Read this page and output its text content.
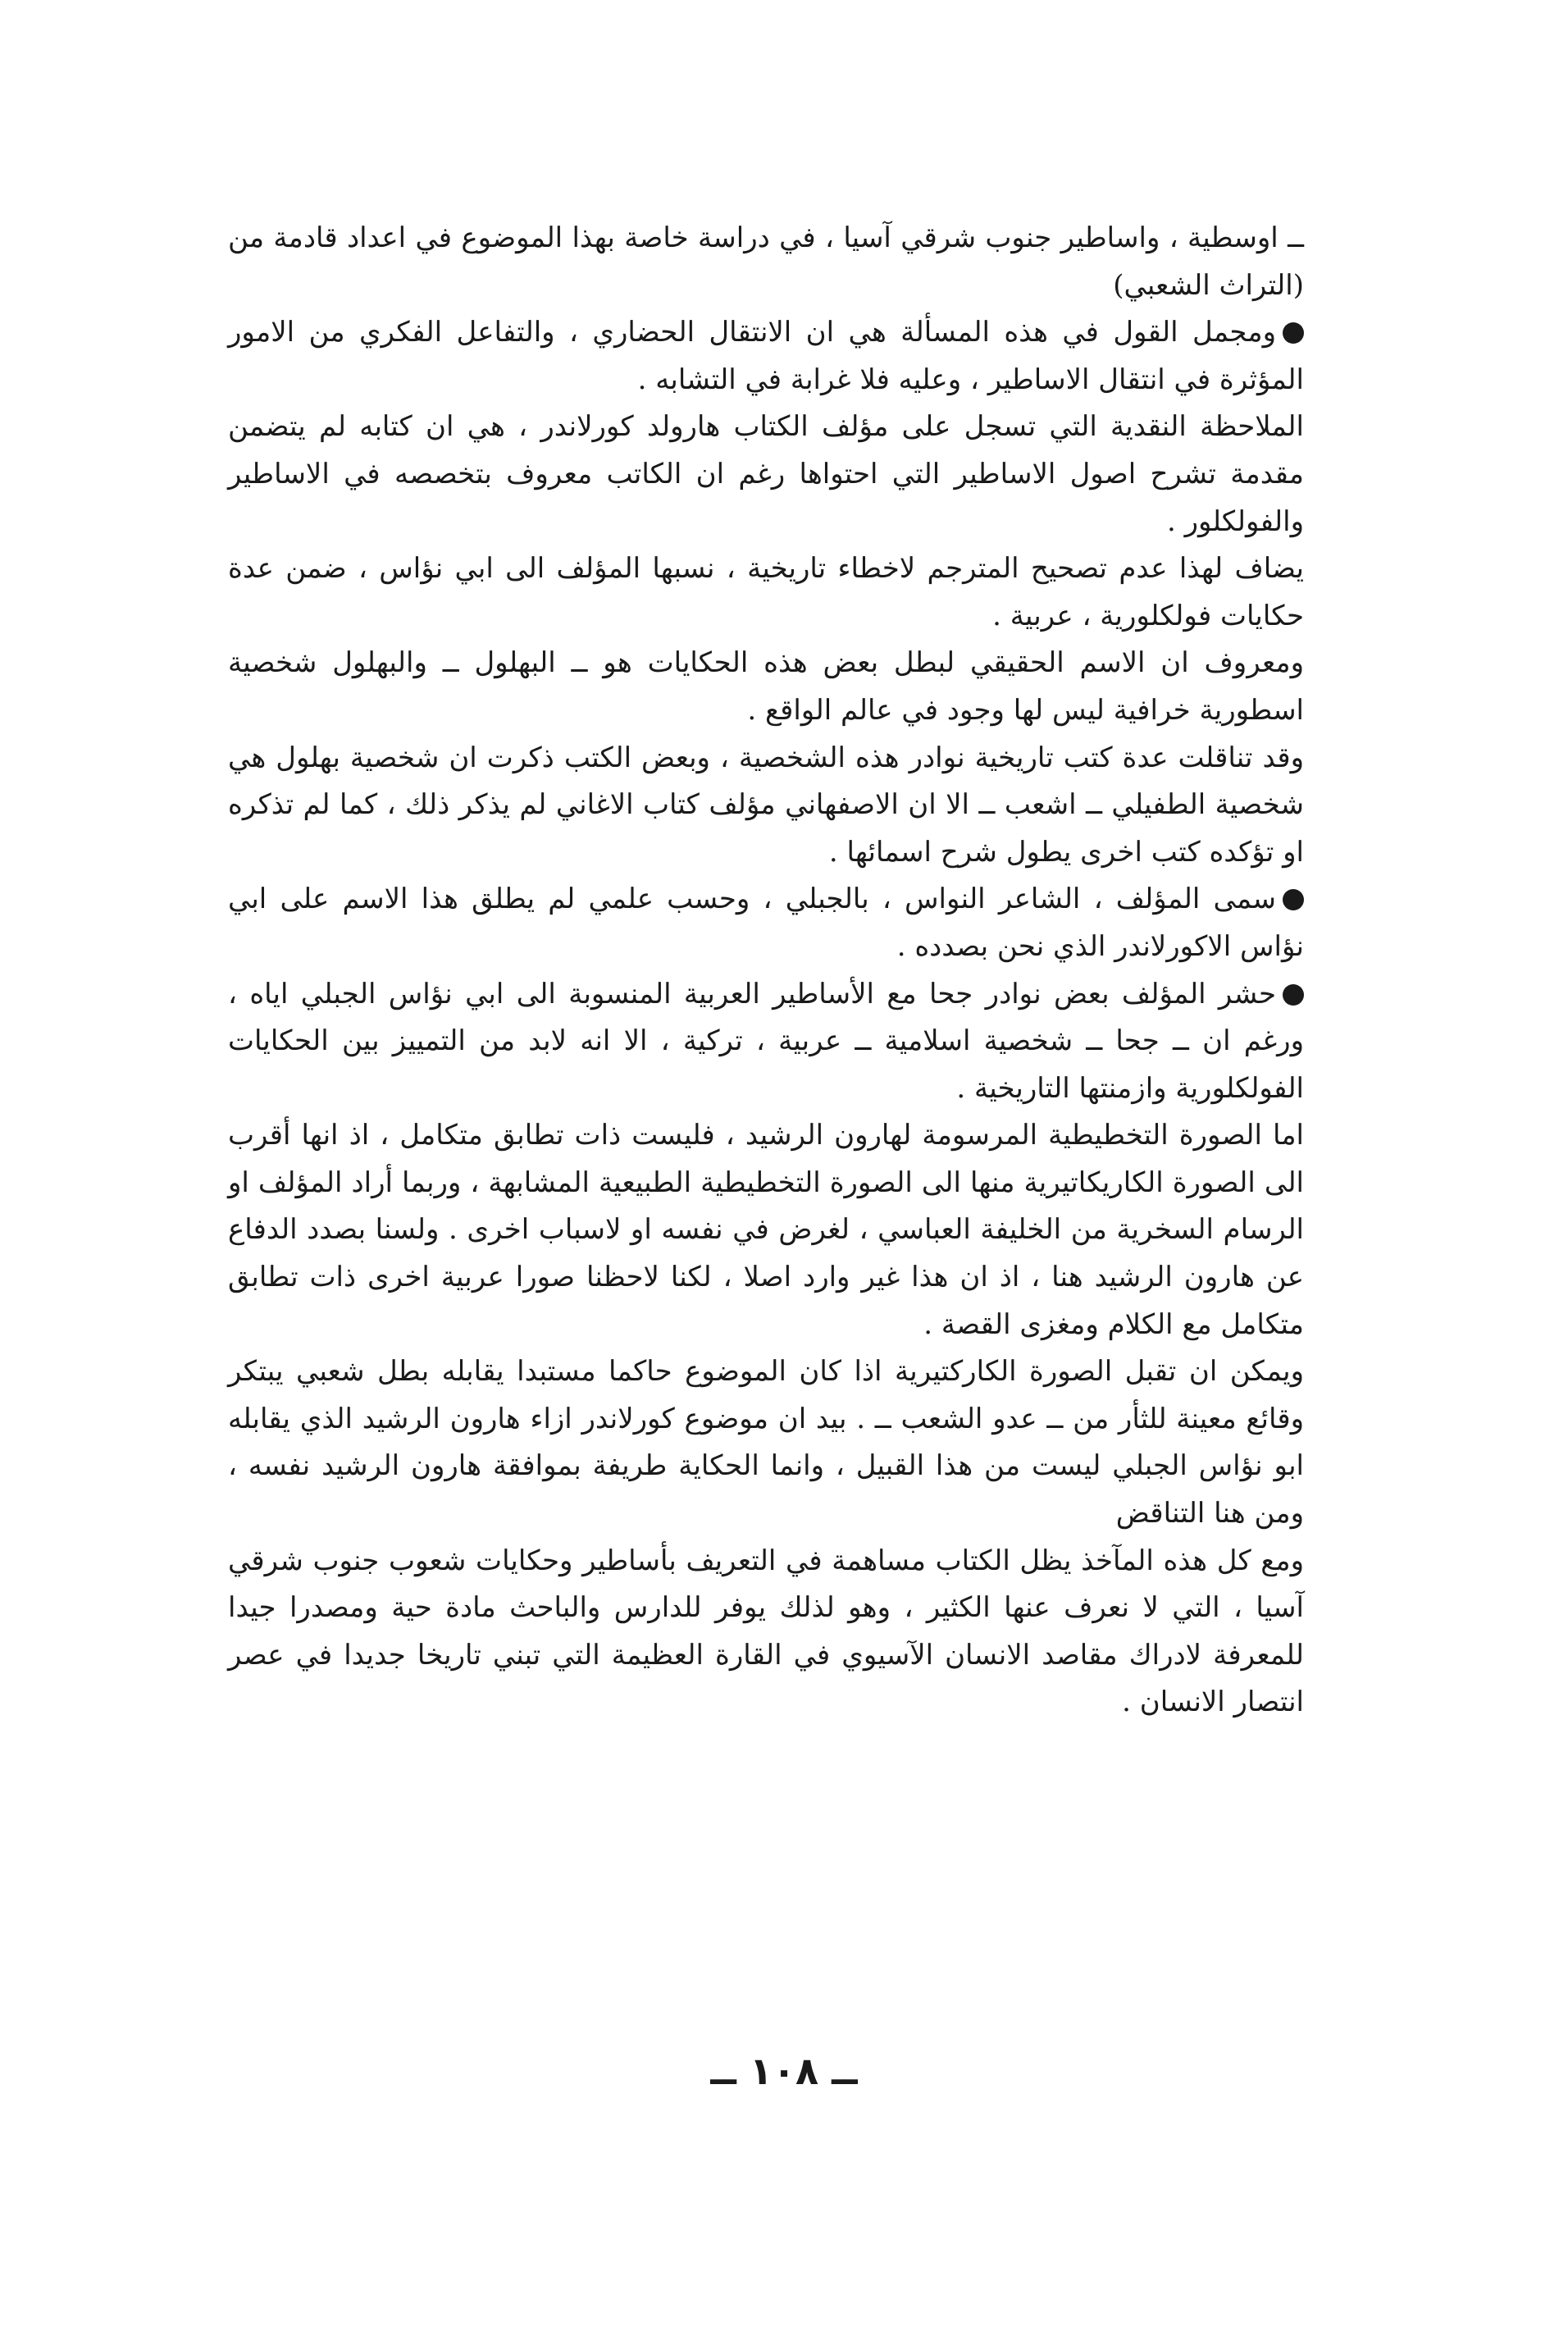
ــ اوسطية ، واساطير جنوب شرقي آسيا ، في دراسة خاصة بهذا الموضوع في اعداد قادمة من (التراث الشعبي)

ومجمل القول في هذه المسألة هي ان الانتقال الحضاري ، والتفاعل الفكري من الامور المؤثرة في انتقال الاساطير ، وعليه فلا غرابة في التشابه .

الملاحظة النقدية التي تسجل على مؤلف الكتاب هارولد كورلاندر ، هي ان كتابه لم يتضمن مقدمة تشرح اصول الاساطير التي احتواها رغم ان الكاتب معروف بتخصصه في الاساطير والفولكلور .

يضاف لهذا عدم تصحيح المترجم لاخطاء تاريخية ، نسبها المؤلف الى ابي نؤاس ، ضمن عدة حكايات فولكلورية ، عربية .

ومعروف ان الاسم الحقيقي لبطل بعض هذه الحكايات هو ــ البهلول ــ والبهلول شخصية اسطورية خرافية ليس لها وجود في عالم الواقع .

وقد تناقلت عدة كتب تاريخية نوادر هذه الشخصية ، وبعض الكتب ذكرت ان شخصية بهلول هي شخصية الطفيلي ــ اشعب ــ الا ان الاصفهاني مؤلف كتاب الاغاني لم يذكر ذلك ، كما لم تذكره او تؤكده كتب اخرى يطول شرح اسمائها .

سمى المؤلف ، الشاعر النواس ، بالجبلي ، وحسب علمي لم يطلق هذا الاسم على ابي نؤاس الاكورلاندر الذي نحن بصدده .

حشر المؤلف بعض نوادر جحا مع الأساطير العربية المنسوبة الى ابي نؤاس الجبلي اياه ، ورغم ان ــ جحا ــ شخصية اسلامية ــ عربية ، تركية ، الا انه لابد من التمييز بين الحكايات الفولكلورية وازمنتها التاريخية .

اما الصورة التخطيطية المرسومة لهارون الرشيد ، فليست ذات تطابق متكامل ، اذ انها أقرب الى الصورة الكاريكاتيرية منها الى الصورة التخطيطية الطبيعية المشابهة ، وربما أراد المؤلف او الرسام السخرية من الخليفة العباسي ، لغرض في نفسه او لاسباب اخرى . ولسنا بصدد الدفاع عن هارون الرشيد هنا ، اذ ان هذا غير وارد اصلا ، لكنا لاحظنا صورا عربية اخرى ذات تطابق متكامل مع الكلام ومغزى القصة .

ويمكن ان تقبل الصورة الكاركتيرية اذا كان الموضوع حاكما مستبدا يقابله بطل شعبي يبتكر وقائع معينة للثأر من ــ عدو الشعب ــ . بيد ان موضوع كورلاندر ازاء هارون الرشيد الذي يقابله ابو نؤاس الجبلي ليست من هذا القبيل ، وانما الحكاية طريفة بموافقة هارون الرشيد نفسه ، ومن هنا التناقض

ومع كل هذه المآخذ يظل الكتاب مساهمة في التعريف بأساطير وحكايات شعوب جنوب شرقي آسيا ، التي لا نعرف عنها الكثير ، وهو لذلك يوفر للدارس والباحث مادة حية ومصدرا جيدا للمعرفة لادراك مقاصد الانسان الآسيوي في القارة العظيمة التي تبني تاريخا جديدا في عصر انتصار الانسان .

ــ ١٠٨ ــ
